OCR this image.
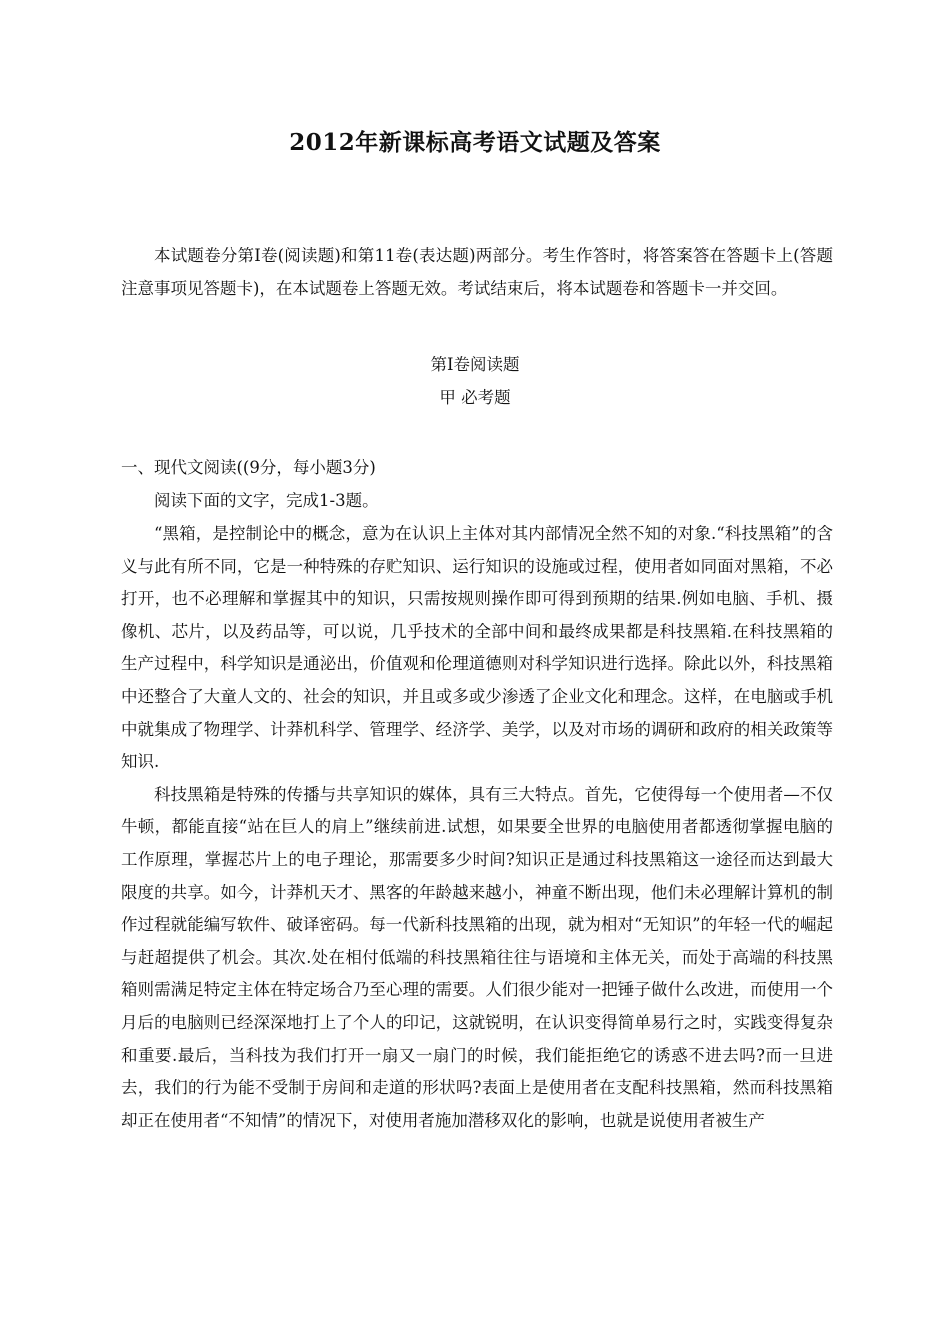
2012年新课标高考语文试题及答案
本试题卷分第Ⅰ卷(阅读题)和第11卷(表达题)两部分。考生作答时，将答案答在答题卡上(答题注意事项见答题卡)，在本试题卷上答题无效。考试结束后，将本试题卷和答题卡一并交回。
第Ⅰ卷阅读题
甲 必考题

一、现代文阅读((9分，每小题3分)

阅读下面的文字，完成1-3题。

“黑箱，是控制论中的概念，意为在认识上主体对其内部情况全然不知的对象.“科技黑箱”的含义与此有所不同，它是一种特殊的存贮知识、运行知识的设施或过程，使用者如同面对黑箱，不必打开，也不必理解和掌握其中的知识，只需按规则操作即可得到预期的结果.例如电脑、手机、摄像机、芯片，以及药品等，可以说，几乎技术的全部中间和最终成果都是科技黑箱.在科技黑箱的生产过程中，科学知识是通泌出，价值观和伦理道德则对科学知识进行选择。除此以外，科技黑箱中还整合了大童人文的、社会的知识，并且或多或少渗透了企业文化和理念。这样，在电脑或手机中就集成了物理学、计莽机科学、管理学、经济学、美学，以及对市场的调研和政府的相关政策等知识.

科技黑箱是特殊的传播与共享知识的媒体，具有三大特点。首先，它使得每一个使用者—不仅牛顿，都能直接“站在巨人的肩上”继续前进.试想，如果要全世界的电脑使用者都透彻掌握电脑的工作原理，掌握芯片上的电子理论，那需要多少时间?知识正是通过科技黑箱这一途径而达到最大限度的共享。如今，计莽机天才、黑客的年龄越来越小，神童不断出现，他们未必理解计算机的制作过程就能编写软件、破译密码。每一代新科技黑箱的出现，就为相对“无知识”的年轻一代的崛起与赶超提供了机会。其次.处在相付低端的科技黑箱往往与语境和主体无关，而处于高端的科技黑箱则需满足特定主体在特定场合乃至心理的需要。人们很少能对一把锤子做什么改进，而使用一个月后的电脑则已经深深地打上了个人的印记，这就锐明，在认识变得简单易行之时，实践变得复杂和重要.最后，当科技为我们打开一扇又一扇门的时候，我们能拒绝它的诱惑不进去吗?而一旦进去，我们的行为能不受制于房间和走道的形状吗?表面上是使用者在支配科技黑箱，然而科技黑箱却正在使用者“不知情”的情况下，对使用者施加潜移双化的影响，也就是说使用者被生产
